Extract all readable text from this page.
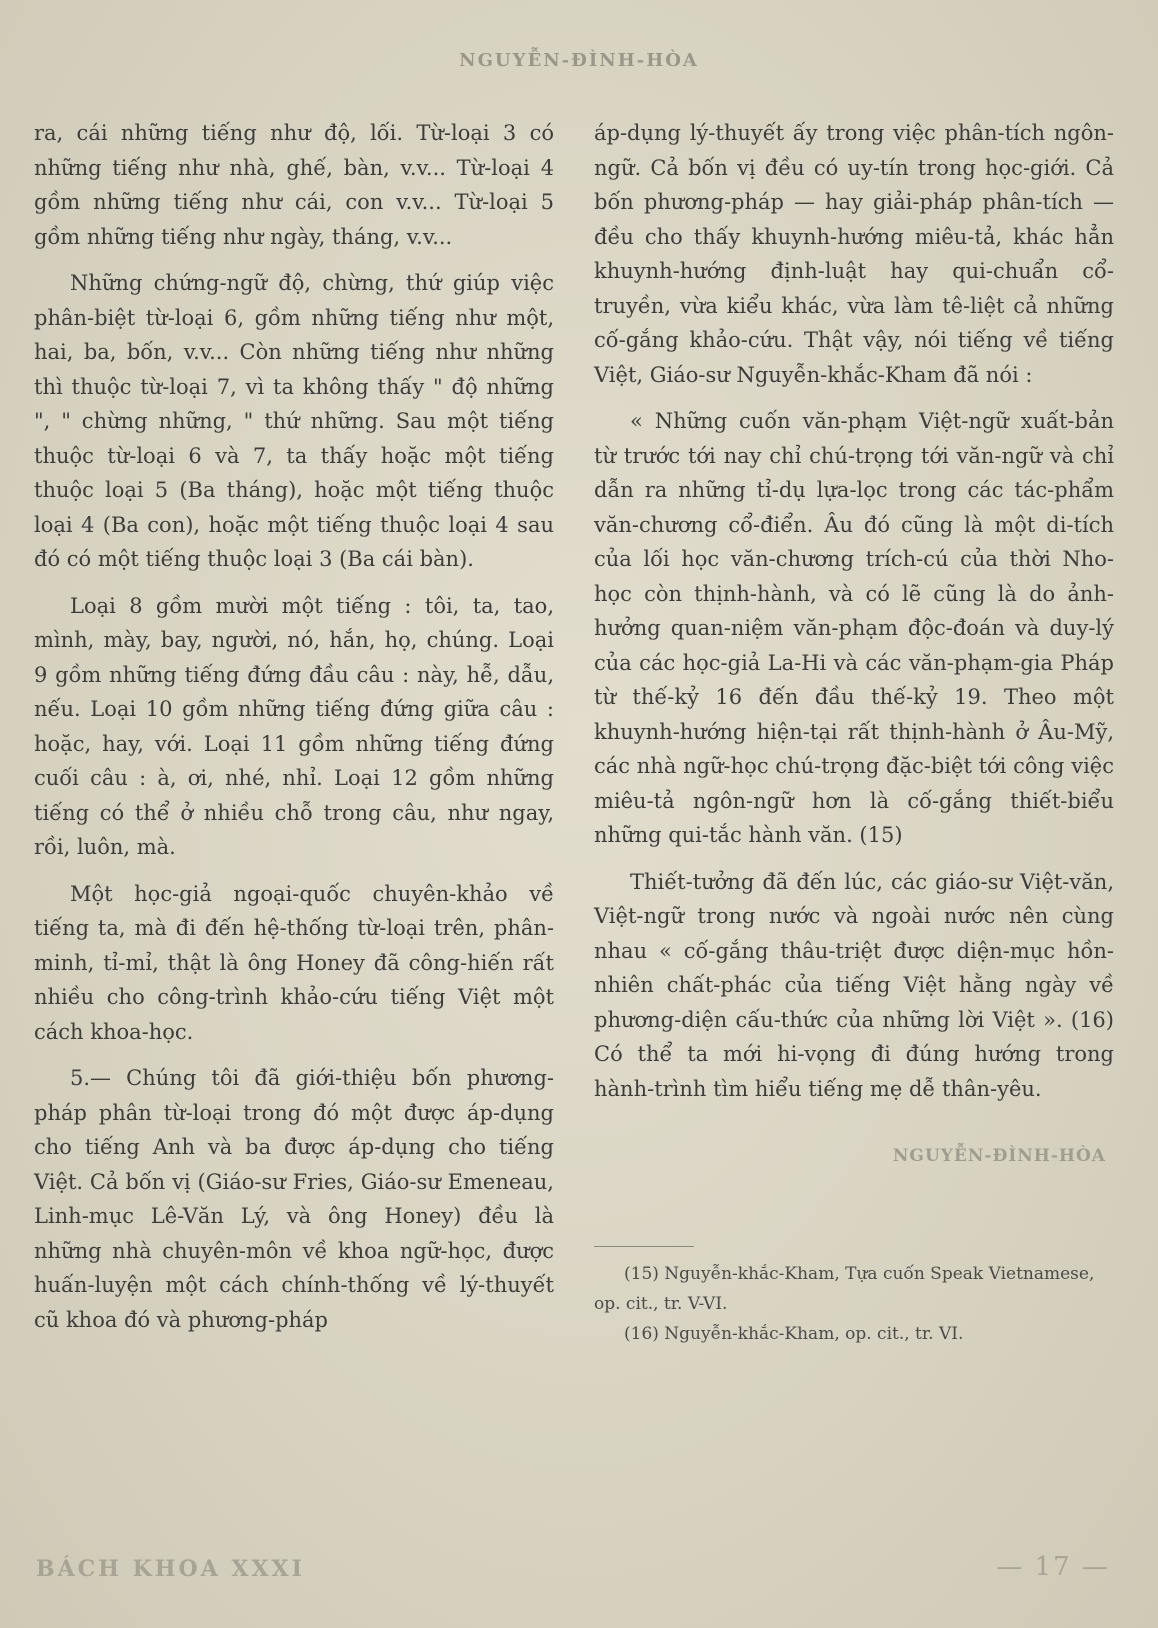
NGUYỄN-ĐÌNH-HÒA

ra, cái những tiếng như độ, lối. Từ-loại 3 có những tiếng như nhà, ghế, bàn, v.v... Từ-loại 4 gồm những tiếng như cái, con v.v... Từ-loại 5 gồm những tiếng như ngày, tháng, v.v...

Những chứng-ngữ độ, chừng, thứ giúp việc phân-biệt từ-loại 6, gồm những tiếng như một, hai, ba, bốn, v.v... Còn những tiếng như những thì thuộc từ-loại 7, vì ta không thấy " độ những ", " chừng những, " thứ những. Sau một tiếng thuộc từ-loại 6 và 7, ta thấy hoặc một tiếng thuộc loại 5 (Ba tháng), hoặc một tiếng thuộc loại 4 (Ba con), hoặc một tiếng thuộc loại 4 sau đó có một tiếng thuộc loại 3 (Ba cái bàn).

Loại 8 gồm mười một tiếng : tôi, ta, tao, mình, mày, bay, người, nó, hắn, họ, chúng. Loại 9 gồm những tiếng đứng đầu câu : này, hễ, dẫu, nếu. Loại 10 gồm những tiếng đứng giữa câu : hoặc, hay, với. Loại 11 gồm những tiếng đứng cuối câu : à, ơi, nhé, nhỉ. Loại 12 gồm những tiếng có thể ở nhiều chỗ trong câu, như ngay, rồi, luôn, mà.

Một học-giả ngoại-quốc chuyên-khảo về tiếng ta, mà đi đến hệ-thống từ-loại trên, phân-minh, tỉ-mỉ, thật là ông Honey đã công-hiến rất nhiều cho công-trình khảo-cứu tiếng Việt một cách khoa-học.

5.— Chúng tôi đã giới-thiệu bốn phương-pháp phân từ-loại trong đó một được áp-dụng cho tiếng Anh và ba được áp-dụng cho tiếng Việt. Cả bốn vị (Giáo-sư Fries, Giáo-sư Emeneau, Linh-mục Lê-Văn Lý, và ông Honey) đều là những nhà chuyên-môn về khoa ngữ-học, được huấn-luyện một cách chính-thống về lý-thuyết cũ khoa đó và phương-pháp

áp-dụng lý-thuyết ấy trong việc phân-tích ngôn-ngữ. Cả bốn vị đều có uy-tín trong học-giới. Cả bốn phương-pháp — hay giải-pháp phân-tích — đều cho thấy khuynh-hướng miêu-tả, khác hẳn khuynh-hướng định-luật hay qui-chuẩn cổ-truyền, vừa kiểu khác, vừa làm tê-liệt cả những cố-gắng khảo-cứu. Thật vậy, nói tiếng về tiếng Việt, Giáo-sư Nguyễn-khắc-Kham đã nói :

« Những cuốn văn-phạm Việt-ngữ xuất-bản từ trước tới nay chỉ chú-trọng tới văn-ngữ và chỉ dẫn ra những tỉ-dụ lựa-lọc trong các tác-phẩm văn-chương cổ-điển. Âu đó cũng là một di-tích của lối học văn-chương trích-cú của thời Nho-học còn thịnh-hành, và có lẽ cũng là do ảnh-hưởng quan-niệm văn-phạm độc-đoán và duy-lý của các học-giả La-Hi và các văn-phạm-gia Pháp từ thế-kỷ 16 đến đầu thế-kỷ 19. Theo một khuynh-hướng hiện-tại rất thịnh-hành ở Âu-Mỹ, các nhà ngữ-học chú-trọng đặc-biệt tới công việc miêu-tả ngôn-ngữ hơn là cố-gắng thiết-biểu những qui-tắc hành văn. (15)

Thiết-tưởng đã đến lúc, các giáo-sư Việt-văn, Việt-ngữ trong nước và ngoài nước nên cùng nhau « cố-gắng thâu-triệt được diện-mục hồn-nhiên chất-phác của tiếng Việt hằng ngày về phương-diện cấu-thức của những lời Việt ». (16) Có thể ta mới hi-vọng đi đúng hướng trong hành-trình tìm hiểu tiếng mẹ dễ thân-yêu.

NGUYỄN-ĐÌNH-HÒA

(15) Nguyễn-khắc-Kham, Tựa cuốn Speak Vietnamese, op. cit., tr. V-VI.

(16) Nguyễn-khắc-Kham, op. cit., tr. VI.

BÁCH KHOA XXXI	— 17 —
